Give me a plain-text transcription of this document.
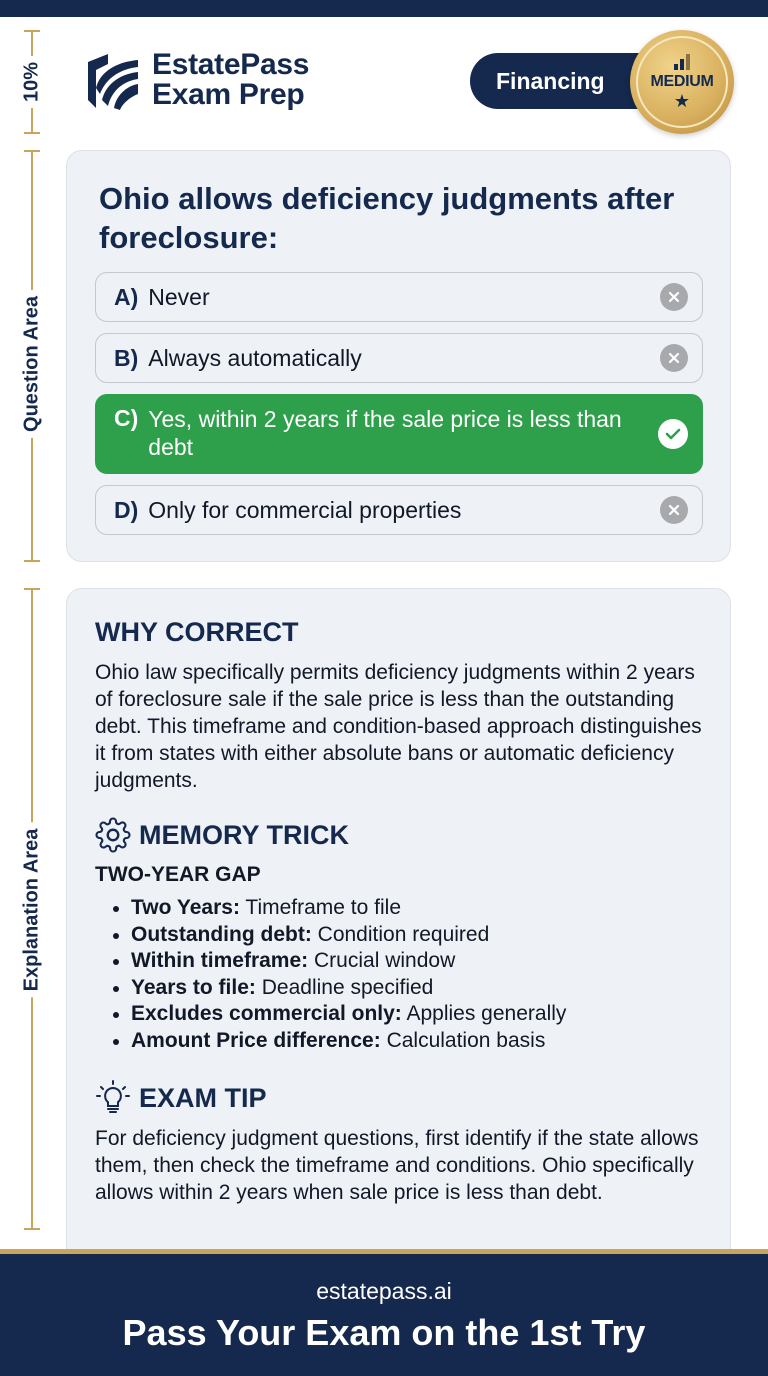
10%
Question Area
Explanation Area
EstatePass
Exam Prep	Financing	MEDIUM
★
Ohio allows deficiency judgments after foreclosure:
A) Never
B) Always automatically
C) Yes, within 2 years if the sale price is less than debt
D) Only for commercial properties
WHY CORRECT
Ohio law specifically permits deficiency judgments within 2 years of foreclosure sale if the sale price is less than the outstanding debt. This timeframe and condition-based approach distinguishes it from states with either absolute bans or automatic deficiency judgments.
MEMORY TRICK
TWO-YEAR GAP
Two Years: Timeframe to file
Outstanding debt: Condition required
Within timeframe: Crucial window
Years to file: Deadline specified
Excludes commercial only: Applies generally
Amount Price difference: Calculation basis
EXAM TIP
For deficiency judgment questions, first identify if the state allows them, then check the timeframe and conditions. Ohio specifically allows within 2 years when sale price is less than debt.
estatepass.ai
Pass Your Exam on the 1st Try
